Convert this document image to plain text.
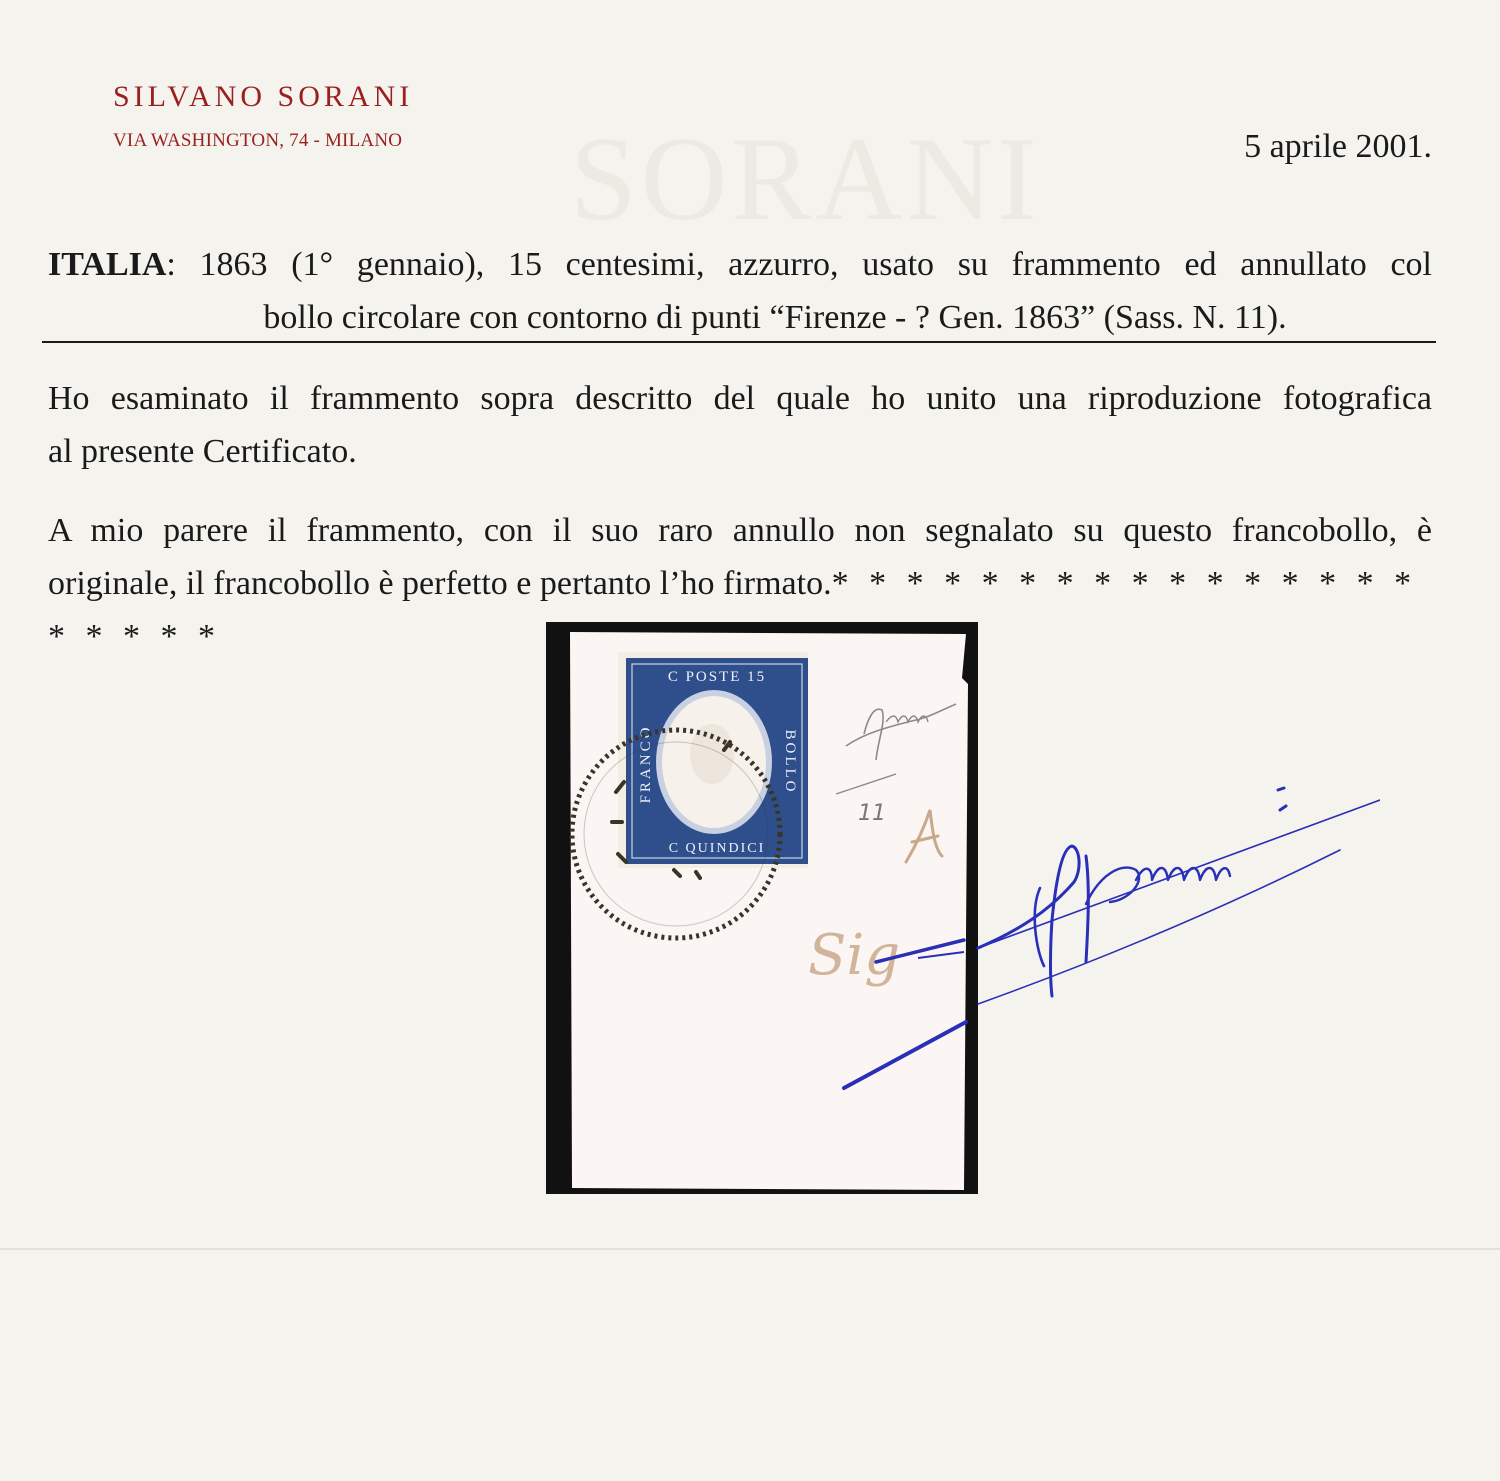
SORANI
SILVANO SORANI
VIA WASHINGTON, 74 - MILANO	5 aprile 2001.
ITALIA: 1863 (1° gennaio), 15 centesimi, azzurro, usato su frammento ed annullato col
bollo circolare con contorno di punti “Firenze - ? Gen. 1863” (Sass. N. 11).
Ho esaminato il frammento sopra descritto del quale ho unito una riproduzione fotografica
al presente Certificato.
A mio parere il frammento, con il suo raro annullo non segnalato su questo francobollo, è
originale, il francobollo è perfetto e pertanto l’ho firmato.* * * * * * * * * * * * * * * * * * * * *
C POSTE 15
C QUINDICI
FRANCO	BOLLO
11
Sig
